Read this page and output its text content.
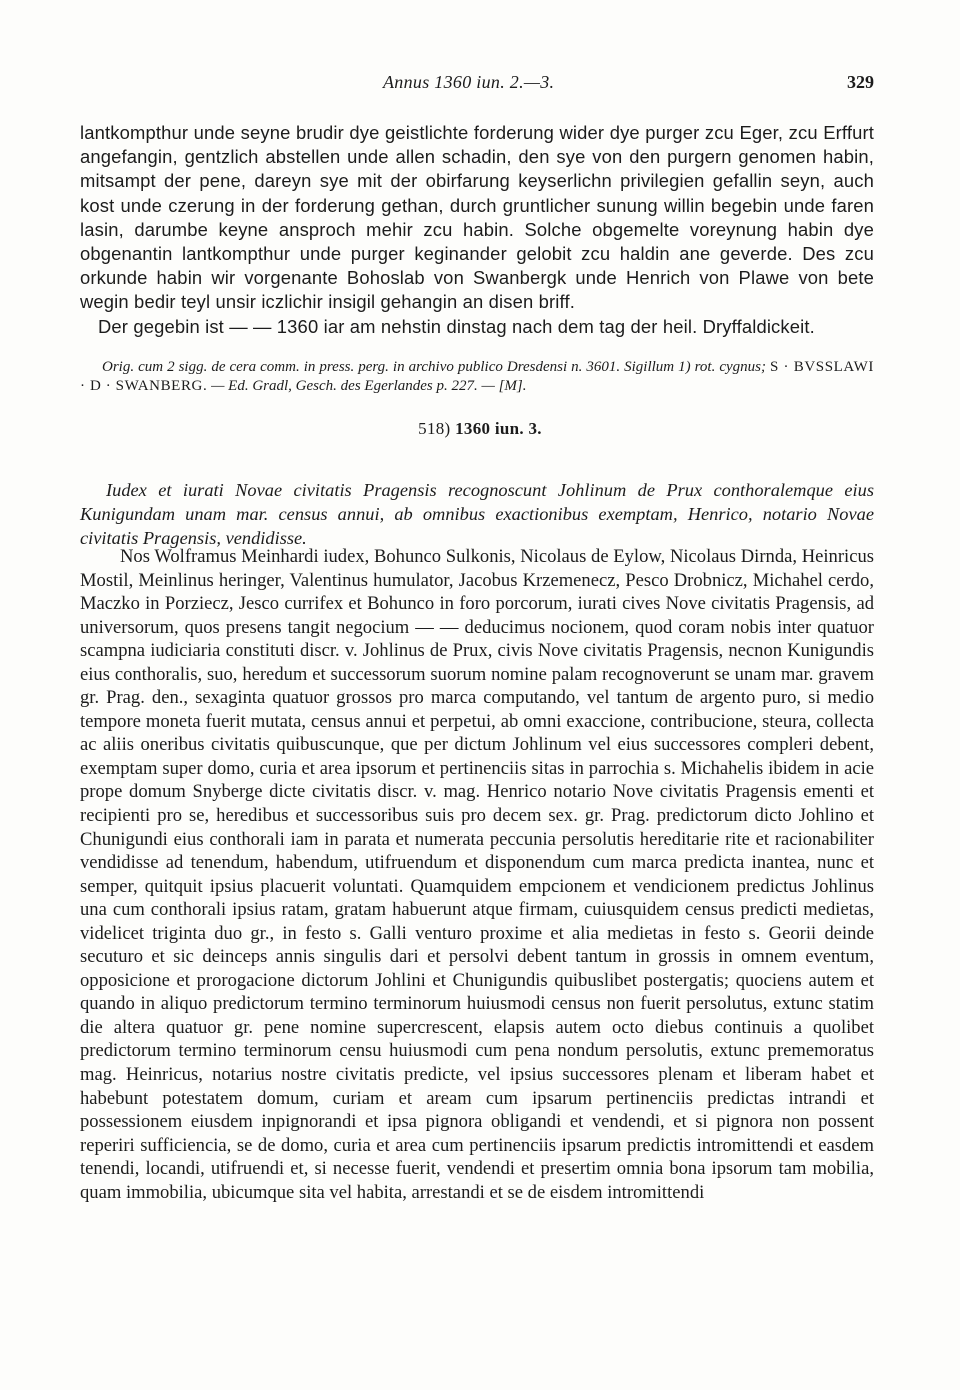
Annus 1360 iun. 2.—3.	329

lantkompthur unde seyne brudir dye geistlichte forderung wider dye purger zcu Eger, zcu Erffurt angefangin, gentzlich abstellen unde allen schadin, den sye von den purgern genomen habin, mitsampt der pene, dareyn sye mit der obirfarung keyserlichn privilegien gefallin seyn, auch kost unde czerung in der forderung gethan, durch gruntlicher sunung willin begebin unde faren lasin, darumbe keyne ansproch mehir zcu habin. Solche obgemelte voreynung habin dye obgenantin lantkompthur unde purger keginander gelobit zcu haldin ane geverde. Des zcu orkunde habin wir vorgenante Bohoslab von Swanbergk unde Henrich von Plawe von bete wegin bedir teyl unsir iczlichir insigil gehangin an disen briff.

Der gegebin ist — — 1360 iar am nehstin dinstag nach dem tag der heil. Dryffaldickeit.

Orig. cum 2 sigg. de cera comm. in press. perg. in archivo publico Dresdensi n. 3601. Sigillum 1) rot. cygnus; S · BVSSLAWI · D · SWANBERG. — Ed. Gradl, Gesch. des Egerlandes p. 227. — [M].

518) 1360 iun. 3.

Iudex et iurati Novae civitatis Pragensis recognoscunt Johlinum de Prux conthoralemque eius Kunigundam unam mar. census annui, ab omnibus exactionibus exemptam, Henrico, notario Novae civitatis Pragensis, vendidisse.

Nos Wolframus Meinhardi iudex, Bohunco Sulkonis, Nicolaus de Eylow, Nicolaus Dirnda, Heinricus Mostil, Meinlinus heringer, Valentinus humulator, Jacobus Krzemenecz, Pesco Drobnicz, Michahel cerdo, Maczko in Porziecz, Jesco currifex et Bohunco in foro porcorum, iurati cives Nove civitatis Pragensis, ad universorum, quos presens tangit negocium — — deducimus nocionem, quod coram nobis inter quatuor scampna iudiciaria constituti discr. v. Johlinus de Prux, civis Nove civitatis Pragensis, necnon Kunigundis eius conthoralis, suo, heredum et successorum suorum nomine palam recognoverunt se unam mar. gravem gr. Prag. den., sexaginta quatuor grossos pro marca computando, vel tantum de argento puro, si medio tempore moneta fuerit mutata, census annui et perpetui, ab omni exaccione, contribucione, steura, collecta ac aliis oneribus civitatis quibuscunque, que per dictum Johlinum vel eius successores compleri debent, exemptam super domo, curia et area ipsorum et pertinenciis sitas in parrochia s. Michahelis ibidem in acie prope domum Snyberge dicte civitatis discr. v. mag. Henrico notario Nove civitatis Pragensis ementi et recipienti pro se, heredibus et successoribus suis pro decem sex. gr. Prag. predictorum dicto Johlino et Chunigundi eius conthorali iam in parata et numerata peccunia persolutis hereditarie rite et racionabiliter vendidisse ad tenendum, habendum, utifruendum et disponendum cum marca predicta inantea, nunc et semper, quitquit ipsius placuerit voluntati. Quamquidem empcionem et vendicionem predictus Johlinus una cum conthorali ipsius ratam, gratam habuerunt atque firmam, cuiusquidem census predicti medietas, videlicet triginta duo gr., in festo s. Galli venturo proxime et alia medietas in festo s. Georii deinde secuturo et sic deinceps annis singulis dari et persolvi debent tantum in grossis in omnem eventum, opposicione et prorogacione dictorum Johlini et Chunigundis quibuslibet postergatis; quociens autem et quando in aliquo predictorum termino terminorum huiusmodi census non fuerit persolutus, extunc statim die altera quatuor gr. pene nomine supercrescent, elapsis autem octo diebus continuis a quolibet predictorum termino terminorum censu huiusmodi cum pena nondum persolutis, extunc prememoratus mag. Heinricus, notarius nostre civitatis predicte, vel ipsius successores plenam et liberam habet et habebunt potestatem domum, curiam et aream cum ipsarum pertinenciis predictas intrandi et possessionem eiusdem inpignorandi et ipsa pignora obligandi et vendendi, et si pignora non possent reperiri sufficiencia, se de domo, curia et area cum pertinenciis ipsarum predictis intromittendi et easdem tenendi, locandi, utifruendi et, si necesse fuerit, vendendi et presertim omnia bona ipsorum tam mobilia, quam immobilia, ubicumque sita vel habita, arrestandi et se de eisdem intromittendi
